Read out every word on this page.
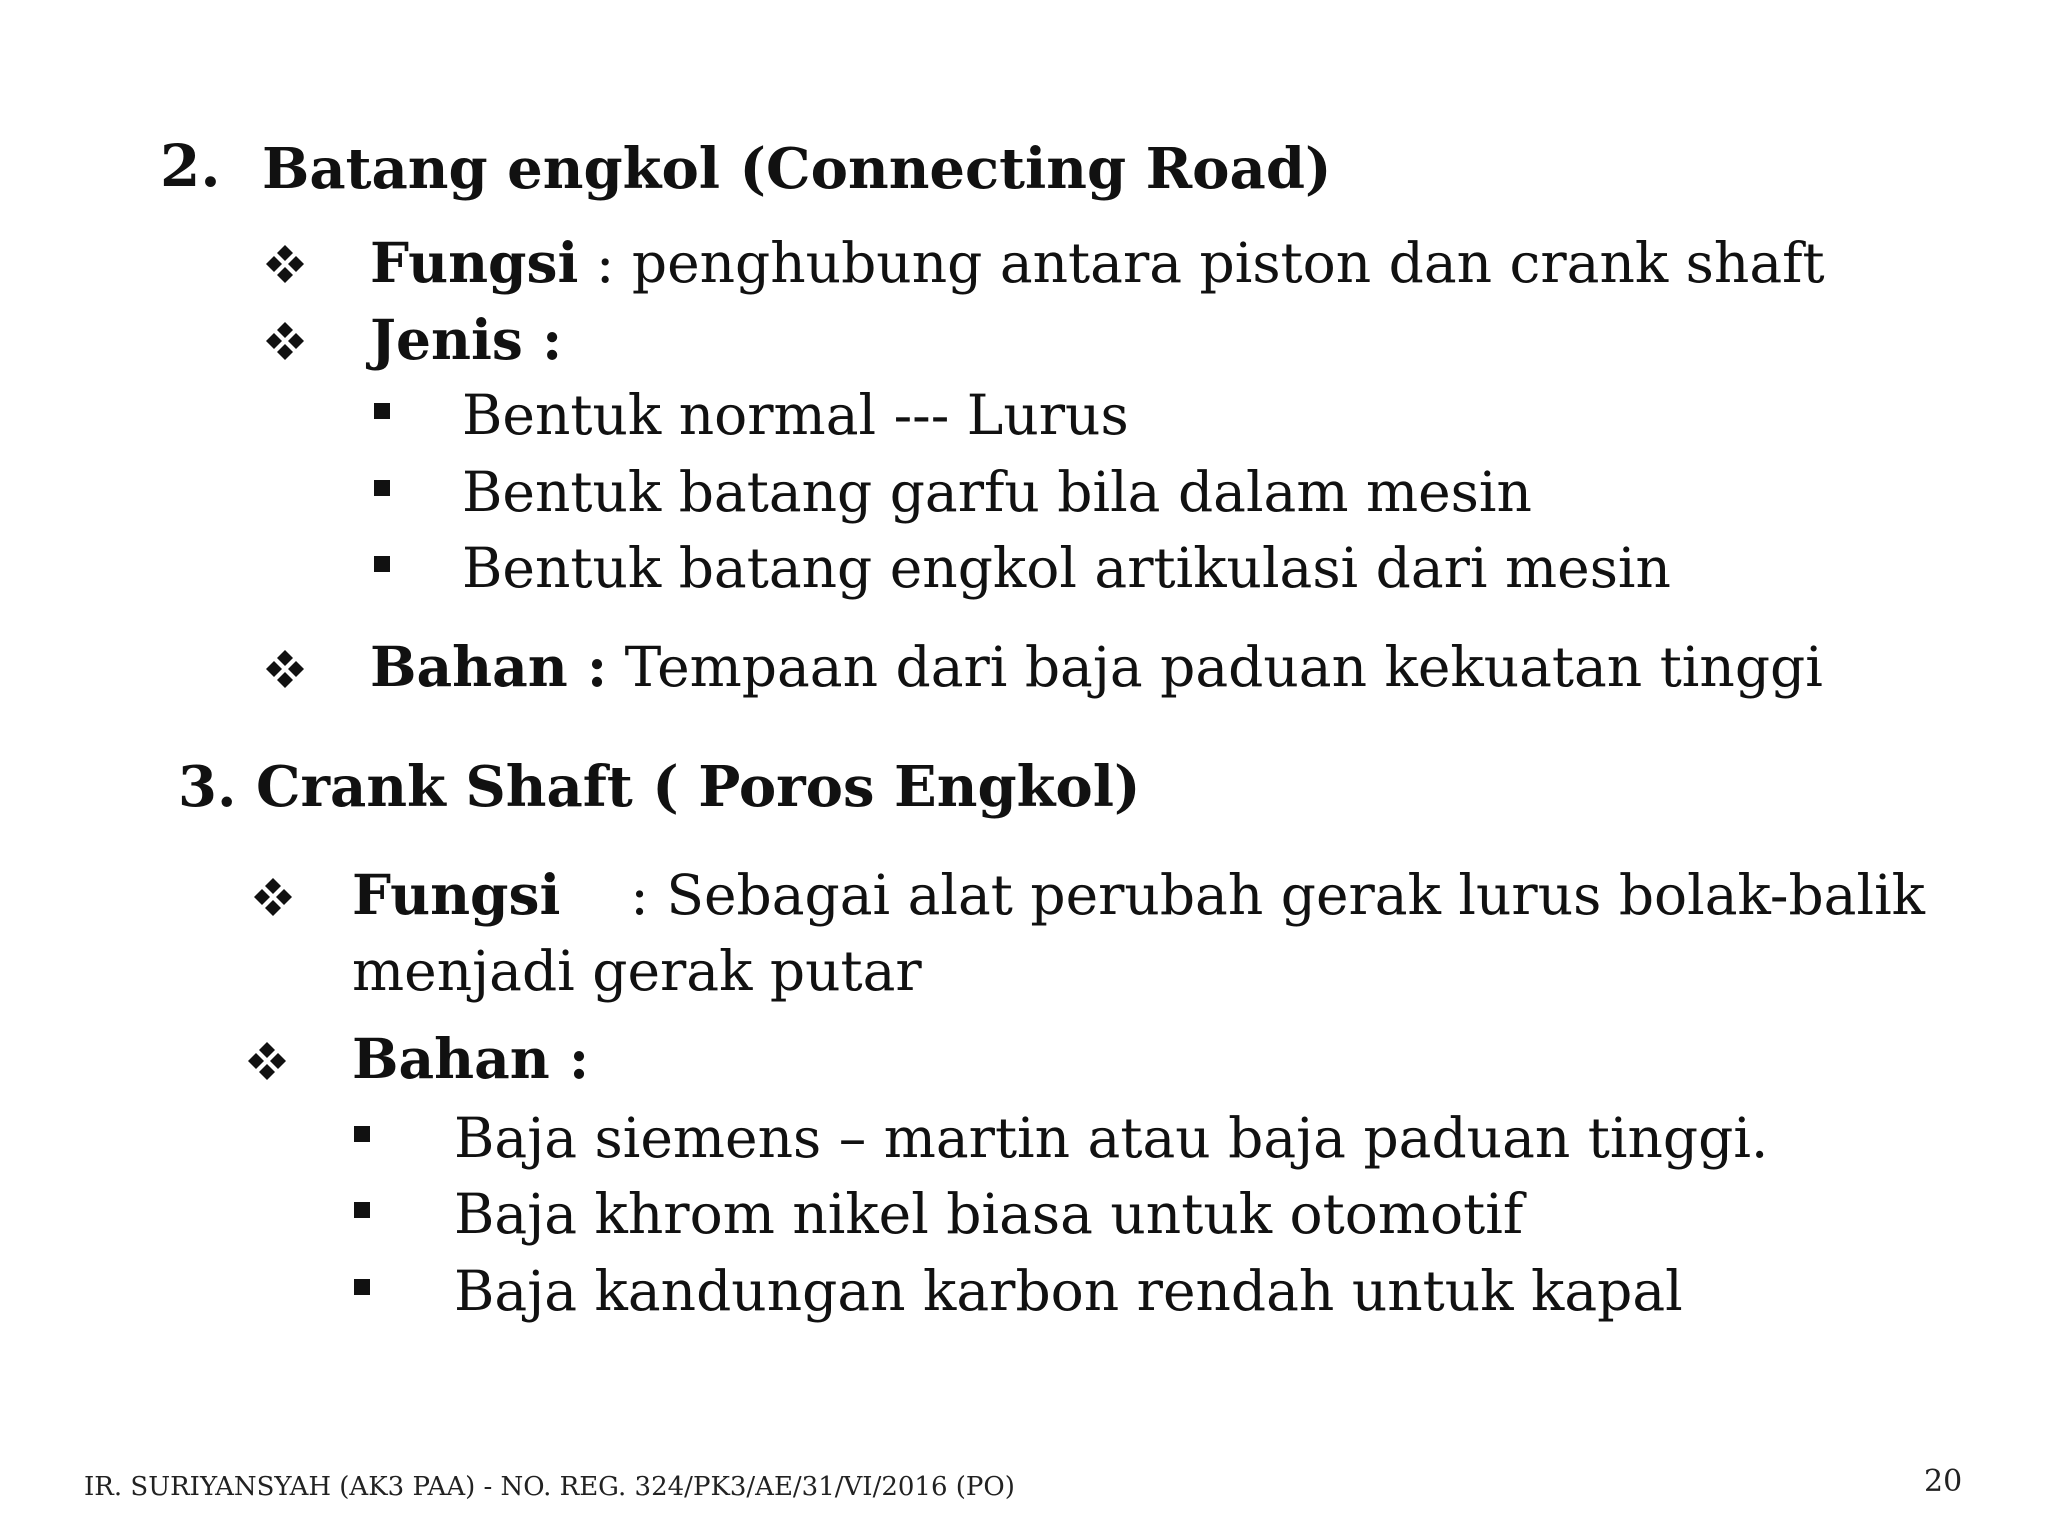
2. Batang engkol (Connecting Road)
Fungsi : penghubung antara piston dan crank shaft
Jenis :
Bentuk normal --- Lurus
Bentuk batang garfu bila dalam mesin
Bentuk batang engkol artikulasi dari mesin
Bahan : Tempaan dari baja paduan kekuatan tinggi
3. Crank Shaft ( Poros Engkol)
Fungsi    : Sebagai alat perubah gerak lurus bolak-balik
menjadi gerak putar
Bahan :
Baja siemens – martin atau baja paduan tinggi.
Baja khrom nikel biasa untuk otomotif
Baja kandungan karbon rendah untuk kapal
IR. SURIYANSYAH (AK3 PAA) - NO. REG. 324/PK3/AE/31/VI/2016 (PO)	20
